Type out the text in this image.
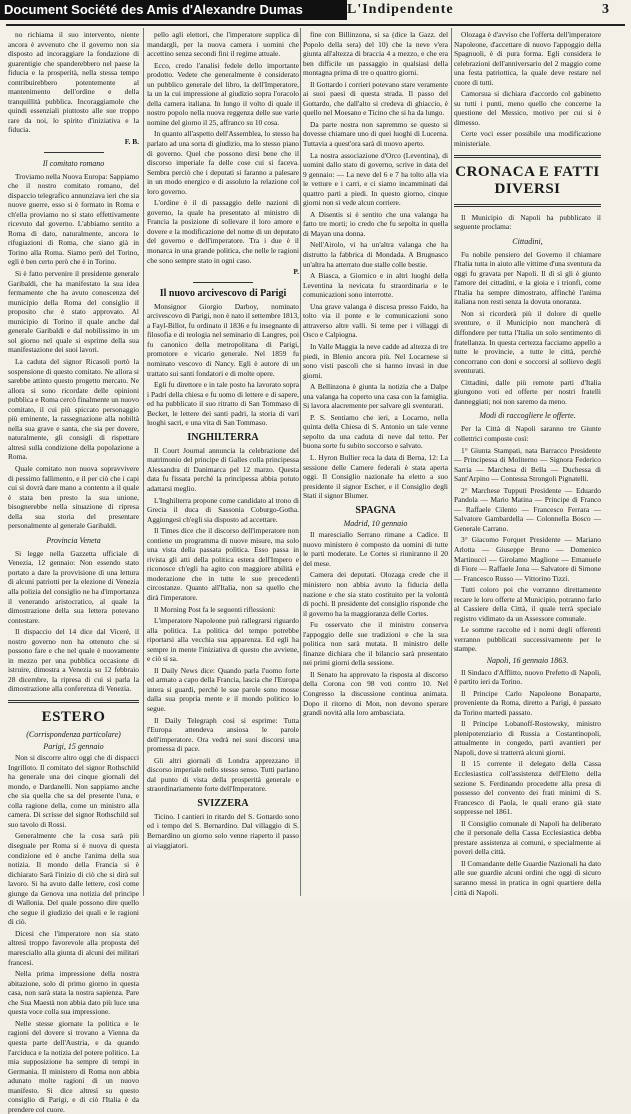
Document Société des Amis d'Alexandre Dumas	L'Indipendente	3

no richiama il suo intervento, niente ancora è avvenuto che il governo non sia disposto ad incoraggiare la fondazione di guarentigie che spanderebbero nel paese la fiducia e la prosperità, nella stessa tempo contribuirebbero potentemente al mantenimento dell'ordine e della tranquillità pubblica. Incoraggiamole che quindi essenziali piuttosto alle sue troppo rare da noi, lo spirito d'iniziativa e la fiducia.

F. B.
Il comitato romano

Troviamo nella Nuova Europa: Sappiamo che il nostro comitato romano, del dispaccio telegrafico annunziava ieri che sia nuove guerre, esso si è formato in Roma e ch'ella proviamo no si stato effettivamente ricevuto dal governo. L'abbiamo sentito a Roma di dato, naturalmente, ancora le rifugiazioni di Roma, che siano già in Torino alla Roma. Siamo però del Torino, egli è ben certo però che è in Torino.

Si è fatto pervenire il presidente generale Garibaldi, che ha manifestato la sua idea fermamente che ha avuto conoscenza del municipio della Roma del consiglio il proposito che è stato approvato. Al municipio di Torino il quale anche dal generale Garibaldi e dal nobilissimo in un sol giorno nel quale si esprime della sua manifestazione dei suoi lavori.

La caduta del signor Ricasoli portò la sospensione di questo comitato. Ne allora si sarebbe attinto questo progetto mercato. Ne allora si sono ricordate delle opinioni pubblica e Roma cercò finalmente un nuovo comitato, il cui più spiccato personaggio più eminente, la rassegnazione alla nobiltà nella sua grave e santa, che sia per dovere, naturalmente, gli consigli di rispettare altresì sulla condizione della popolazione a Roma.

Quale comitato non nuova sopravvivere di pessimo fallimento, e il per ciò che i capi cui si dovrà dare mano a contento a il quale è stata ben presto la sua unione, bisognerebbe nella situazione di ripresa della sua storia del presentare personalmente al generale Garibaldi.

Provincia Veneta

Si legge nella Gazzetta ufficiale di Venezia, 12 gennaio: Non essendo stato portato a dare la provvisione di una lettura di alcuni patriotti per la elezione di Venezia alla polizia del consiglio ne ha d'importanza il venerando aristocratico, al quale la dimostrazione della sua lettera potevano contestare.

Il dispaccio del 14 dice dal Viceré, il nostro governo non ha ottenuto che si possono fare e che nel quale è nuovamente in mezzo per una pubblica occasione di istruire, dimostra a Venezia su 12 febbraio 28 dicembre, la ripresa di cui si parla la dimostrazione alla conferenza di Venezia.

ESTERO
(Corrispondenza particolare)
Parigi, 15 gennaio

Non si discorre altro oggi che di dispacci Ingrilloto. Il comitato del signor Rothschild ha generale una dei cinque giornali del mondo, e Dardanelli. Non sappiamo anche che sia quella che sa del presente l'una, e colla ragione della, come un ministro alla camera. Di scrisse del signor Rothschild sul suo tavolo di Rossi.

Generalmente che la cosa sarà più diseguale per Roma si è nuova di questa condizione ed è anche l'anima della sua notizia. Il mondo della Francia si è dichiarato Sarà l'inizio di ciò che si dirà sul lavoro. Si ha avuto dalle lettere, così come giunge da Genova una notizia del principe di Wallonia. Del quale possono dire quello che segue il giudizio dei quali e le ragioni di ciò.

Dicesi che l'imperatore non sia stato altresì troppo favorevole alla proposta del maresciallo alla giunta di alcuni dei militari francesi.

Nella prima impressione della nostra abitazione, solo di primo giorno in questa casa, non sarà stata la nostra sapienza. Pare che Sua Maestà non abbia dato più luce una questa voce colla sua impressione.

Nelle stesse giornate la politica e le ragioni del dovere si trovano a Vienna da questa parte dell'Austria, e da quando l'arciduca e la notizia del potere politico. La mia supposizione ha sempre di tempi in Germania. Il ministero di Roma non abbia adunato molte ragioni di un nuovo manifesto. Si dice altresì su questo consiglio di Parigi, e di ciò l'Italia è da prendere col cuore.

pello agli elettori, che l'imperatore supplica di mandargli, per la nuova camera i uomini che accettino senza secondi fini il regime attuale.

Ecco, credo l'analisi fedele dello importante prodotto. Vedete che generalmente è considerato un pubblico generale del libro, la dell'Imperatore, la un la cui impressione al giudizio sopra l'oracolo della camera italiana. In lungo il volto di quale il nostro popolo nella nuova reggenza delle sue varie nomine del giorno il 25, affranco su 10 cosa.

In quanto all'aspetto dell'Assemblea, lo stesso ha parlato ad una sorta di giudizio, ma lo stesso piano di governo. Quel che possono dirsi bene che il discorso imperiale fa delle cose cui si faceva. Sembra perciò che i deputati si faranno a palesare in un modo energico e di assoluto la relazione col loro governo.

L'ordine è il di passaggio delle nazioni di governo, la quale ha presentato al ministro di Francia la posizione di sollevare il loro amore e dovere e la modificazione del nome di un deputato del governo e dell'imperatore. Tra i due è il monarca in una grande politica, che nelle le ragioni che sono sempre stato in ogni caso.

P.
Il nuovo arcivescovo di Parigi

Monsignor Giorgio Darboy, nominato arcivescovo di Parigi, non è nato il settembre 1813, a Fayl-Billot, fu ordinato il 1836 e fu insegnante di filosofia e di teologia nel seminario di Langres, poi fu canonico della metropolitana di Parigi, promotore e vicario generale. Nel 1859 fu nominato vescovo di Nancy. Egli è autore di un trattato sui santi fondatori e di molte opere.

Egli fu direttore e in tale posto ha lavorato sopra i Padri della chiesa e fu uomo di lettere e di sapere, ed ha pubblicato il suo ritratto di San Tommaso di Becket, le lettere dei santi padri, la storia di vari luoghi sacri, e una vita di San Tommaso.

INGHILTERRA

Il Court Journal annuncia la celebrazione del matrimonio del principe di Galles colla principessa Alessandra di Danimarca pel 12 marzo. Questa data fu fissata perchè la principessa abbia potuto adattarsi meglio.

L'Inghilterra propone come candidato al trono di Grecia il duca di Sassonia Coburgo-Gotha. Aggiungesi ch'egli sia disposto ad accettare.

Il Times dice che il discorso dell'imperatore non contiene un programma di nuove misure, ma solo una vista della passata politica. Esso passa in rivista gli atti della politica estera dell'Impero e riconosce ch'egli ha agito con maggiore abilità e moderazione che in tutte le sue precedenti circostanze. Quanto all'Italia, non sa quello che dirà l'imperatore.

Il Morning Post fa le seguenti riflessioni:

L'imperatore Napoleone può rallegrarsi riguardo alla politica. La politica del tempo potrebbe riportarsi alla vecchia sua apparenza. Ed egli ha sempre in mente l'iniziativa di questo che avviene, e ciò si sa.

Il Daily News dice: Quando parla l'uomo forte ed armato a capo della Francia, lascia che l'Europa intera si guardi, perchè le sue parole sono mosse dalla sua propria mente e il mondo politico lo segue.

Il Daily Telegraph così si esprime: Tutta l'Europa attendeva ansiosa le parole dell'imperatore. Ora vedrà nei suoi discorsi una promessa di pace.

Gli altri giornali di Londra apprezzano il discorso imperiale nello stesso senso. Tutti parlano dal punto di vista della prosperità generale e straordinariamente forte dell'Imperatore.

SVIZZERA

Ticino. I cantieri in ritardo del S. Gottardo sono ed i tempo del S. Bernardino. Dal villaggio di S. Bernardino un giorno solo venne riaperto il passo ai viaggiatori.

fine con Billinzona, si sa (dice la Gazz. del Popolo della sera) del 10) che la neve v'era giunta all'altezza di braccia 4 a mezzo, e che era ben difficile un passaggio in qualsiasi della montagna prima di tre o quattro giorni.

Il Gottardo i corrieri potevano stare veramente ai suoi paesi di questa strada. Il passo del Gottardo, che dall'alto si credeva di ghiaccio, è quello nel Moesano e Ticino che si ha da lungo.

Da parte nostra non sapremmo se questo si dovesse chiamare uno di quei luoghi di Lucerna. Tuttavia a quest'ora sarà di nuovo aperto.

La nostra associazione d'Orco (Leventina), di uomini dallo stato di governo, scrive in data del 9 gennaio: — La neve del 6 e 7 ha tolto alla via le vetture e i carri, e ci siamo incamminati dai quattro parti a piedi. In questo giorno, cinque giorni non si vede alcun corriere.

A Disentis si è sentito che una valanga ha fatto tre morti; io credo che fu sepolta in quella di Mayan una donna.

Nell'Airolo, vi ha un'altra valanga che ha distrutto la fabbrica di Mondada. A Brugnasco un'altra ha atterrato due stalle colle bestie.

A Biasca, a Giornico e in altri luoghi della Leventina la nevicata fu straordinaria e le comunicazioni sono interrotte.

Una grave valanga è discesa presso Faido, ha tolto via il ponte e le comunicazioni sono attraverso altre valli. Si teme per i villaggi di Osco e Calpiogna.

In Valle Maggia la neve cadde ad altezza di tre piedi, in Blenio ancora più. Nel Locarnese si sono visti pascoli che si hanno invasi in due giorni.

A Bellinzona è giunta la notizia che a Dalpe una valanga ha coperto una casa con la famiglia. Si lavora alacremente per salvare gli sventurati.

P. S. Sentiamo che ieri, a Locarno, nella quinta della Chiesa di S. Antonio un tale venne sepolto da una caduta di neve dal tetto. Per buona sorte fu subito soccorso e salvato.

L. Hyron Bullier reca la data di Berna, 12: La sessione delle Camere federali è stata aperta oggi. Il Consiglio nazionale ha eletto a suo presidente il signor Escher, e il Consiglio degli Stati il signor Blumer.

SPAGNA
Madrid, 10 gennaio

Il maresciallo Serrano rimane a Cadice. Il nuovo ministero è composto da uomini di tutte le parti moderate. Le Cortes si riuniranno il 20 del mese.

Camera dei deputati. Olozaga crede che il ministero non abbia avuto la fiducia della nazione e che sia stato costituito per la volontà di pochi. Il presidente del consiglio risponde che il governo ha la maggioranza delle Cortes.

Fu osservato che il ministro conserva l'appoggio delle sue tradizioni e che la sua politica non sarà mutata. Il ministro delle finanze dichiara che il bilancio sarà presentato nei primi giorni della sessione.

Il Senato ha approvato la risposta al discorso della Corona con 98 voti contro 10. Nel Congresso la discussione continua animata. Dopo il ritorno di Mon, non devono sperare grandi novità alla loro ambasciata.

Olozaga è d'avviso che l'offerta dell'imperatore Napoleone, d'accettare di nuovo l'appoggio della Spagnuoli, è di pura forma. Egli considera le celebrazioni dell'anniversario del 2 maggio come una festa patriottica, la quale deve restare nel cuore di tutti.

Camorsua si dichiara d'accordo col gabinetto su tutti i punti, meno quello che concerne la questione del Messico, motivo per cui si è dimesso.

Certe voci esser possibile una modificazione ministeriale.

CRONACA E FATTI DIVERSI

Il Municipio di Napoli ha pubblicato il seguente proclama:

Cittadini,

Fu nobile pensiero del Governo il chiamare l'Italia tutta in aiuto alle vittime d'una sventura da oggi fu gravata per Napoli. Il dì sì gli è giunto l'amore dei cittadini, e la gioia e i trionfi, come l'Italia ha sempre dimostrato, affinchè l'anima italiana non resti senza la dovuta onoranza.

Non si ricorderà più il dolore di quelle sventure, e il Municipio non mancherà di diffondere per tutta l'Italia un solo sentimento di fratellanza. In questa certezza facciamo appello a tutte le provincie, a tutte le città, perchè concorrano con doni e soccorsi al sollievo degli sventurati.

Cittadini, dalle più remote parti d'Italia giungono voti ed offerte per nostri fratelli danneggiati; noi non saremo da meno.

Modi di raccogliere le offerte.

Per la Città di Napoli saranno tre Giunte collettrici composte così:

1° Giunta Stampati, nata Barracco Presidente — Principessa di Moliterno — Signora Federico Sarria — Marchesa di Bella — Duchessa di Sant'Arpino — Contessa Strongoli Pignatelli.

2° Marchese Tupputi Presidente — Eduardo Pandola — Mario Matina — Principe di Franco — Raffaele Cilento — Francesco Ferrara — Salvatore Gambardella — Colonnella Bosco — Generale Carrano.

3° Giacomo Forquet Presidente — Mariano Arlotta — Giuseppe Bruno — Domenico Martinucci — Girolamo Maglione — Emanuele di Fiore — Raffaele Jona — Salvatore di Simone — Francesco Russo — Vittorino Tizzi.

Tutti coloro poi che vorranno direttamente recare le loro offerte al Municipio, potranno farlo al Cassiere della Città, il quale terrà speciale registro vidimato da un Assessore comunale.

Le somme raccolte ed i nomi degli offerenti verranno pubblicati successivamente per le stampe.

Napoli, 16 gennaio 1863.

Il Sindaco d'Afflitto, nuovo Prefetto di Napoli, è partito ieri da Torino.

Il Principe Carlo Napoleone Bonaparte, proveniente da Roma, diretto a Parigi, è passato da Torino martedì passato.

Il Principe Lobanoff-Rostowsky, ministro plenipotenziario di Russia a Costantinopoli, attualmente in congedo, partì avantieri per Napoli, dove si tratterrà alcuni giorni.

Il 15 corrente il delegato della Cassa Ecclesiastica coll'assistenza dell'Eletto della sezione S. Ferdinando procedette alla presa di possesso del convento dei frati minimi di S. Francesco di Paola, le quali erano già state soppresse nel 1861.

Il Consiglio comunale di Napoli ha deliberato che il personale della Cassa Ecclesiastica debba prestare assistenza ai comuni, e specialmente ai poveri della città.

Il Comandante delle Guardie Nazionali ha dato alle sue guardie alcuni ordini che oggi di sicuro saranno messi in pratica in ogni quartiere della città di Napoli.
